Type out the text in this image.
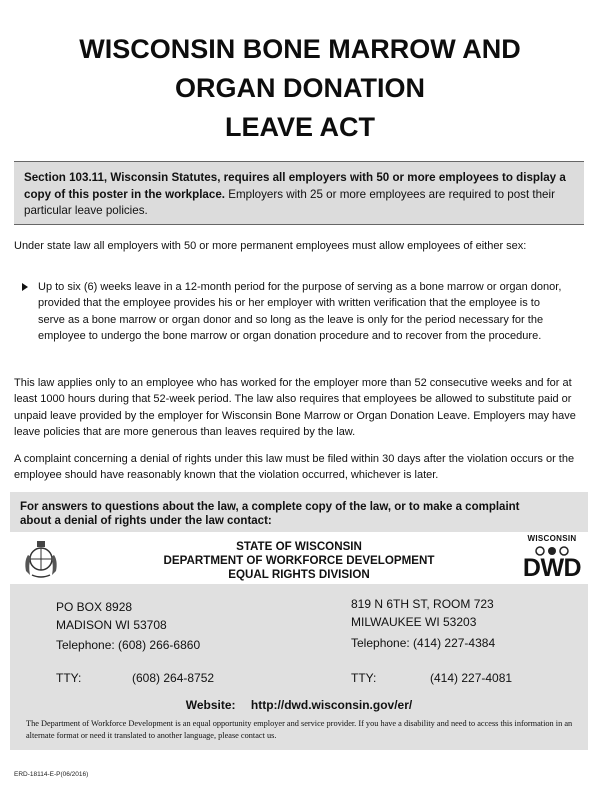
WISCONSIN BONE MARROW AND
ORGAN DONATION
LEAVE ACT
Section 103.11, Wisconsin Statutes, requires all employers with 50 or more employees to display a copy of this poster in the workplace. Employers with 25 or more employees are required to post their particular leave policies.
Under state law all employers with 50 or more permanent employees must allow employees of either sex:
Up to six (6) weeks leave in a 12-month period for the purpose of serving as a bone marrow or organ donor, provided that the employee provides his or her employer with written verification that the employee is to serve as a bone marrow or organ donor and so long as the leave is only for the period necessary for the employee to undergo the bone marrow or organ donation procedure and to recover from the procedure.
This law applies only to an employee who has worked for the employer more than 52 consecutive weeks and for at least 1000 hours during that 52-week period. The law also requires that employees be allowed to substitute paid or unpaid leave provided by the employer for Wisconsin Bone Marrow or Organ Donation Leave. Employers may have leave policies that are more generous than leaves required by the law.
A complaint concerning a denial of rights under this law must be filed within 30 days after the violation occurs or the employee should have reasonably known that the violation occurred, whichever is later.
For answers to questions about the law, a complete copy of the law, or to make a complaint about a denial of rights under the law contact:
STATE OF WISCONSIN
DEPARTMENT OF WORKFORCE DEVELOPMENT
EQUAL RIGHTS DIVISION
WISCONSIN
DWD
PO BOX 8928
MADISON WI 53708
Telephone: (608) 266-6860
TTY:	(608) 264-8752
819 N 6TH ST, ROOM 723
MILWAUKEE WI 53203
Telephone: (414) 227-4384
TTY:	(414) 227-4081
Website: http://dwd.wisconsin.gov/er/
The Department of Workforce Development is an equal opportunity employer and service provider. If you have a disability and need to access this information in an alternate format or need it translated to another language, please contact us.
ERD-18114-E-P(06/2016)
